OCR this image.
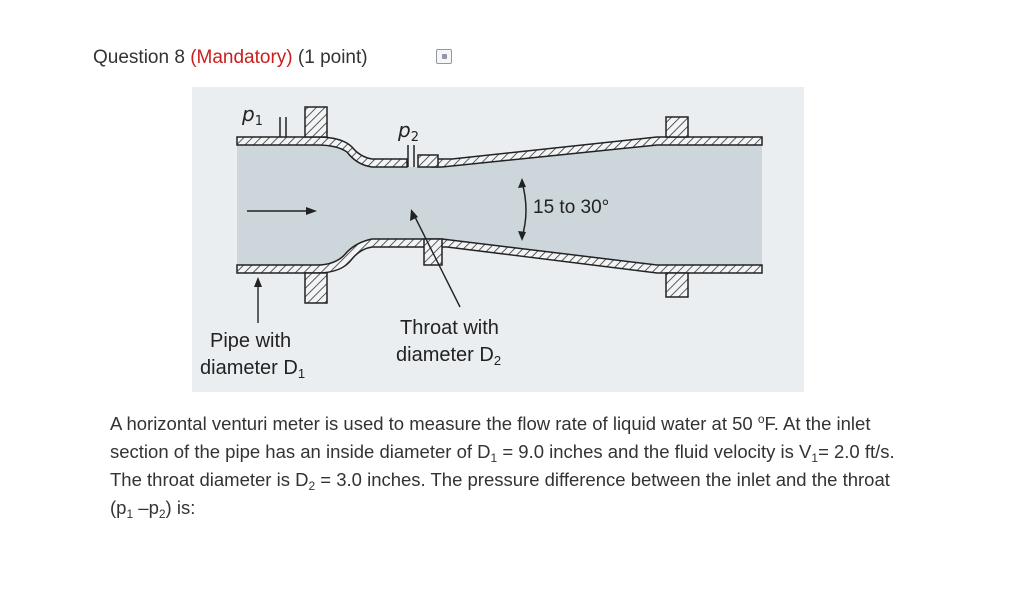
Question 8 (Mandatory) (1 point)
$p_1$	$p_2$
15 to 30°
Pipe with
diameter $D_1$
Throat with
diameter $D_2$

A horizontal venturi meter is used to measure the flow rate of liquid water at 50 $^o$F. At the inlet section of the pipe has an inside diameter of $D_1 = 9.0$ inches and the fluid velocity is $V_1= 2.0$ ft/s. The throat diameter is $D_2 = 3.0$ inches. The pressure difference between the inlet and the throat ($p_1$ $-p_2$) is:
